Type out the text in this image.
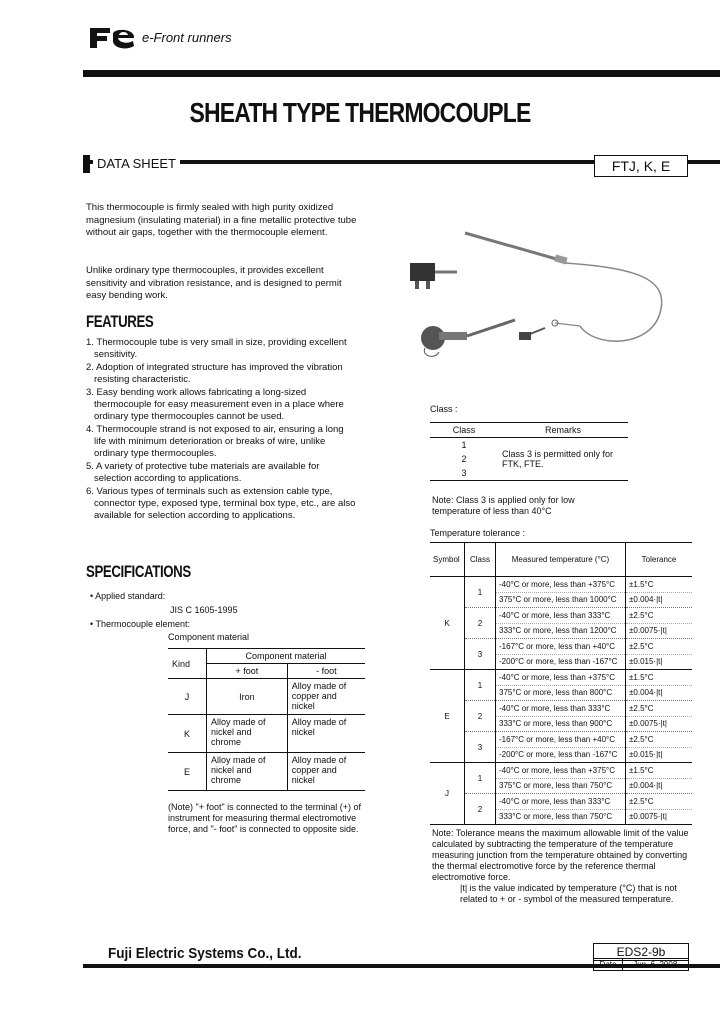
e-Front runners
SHEATH TYPE THERMOCOUPLE
DATA SHEET	FTJ, K, E
This thermocouple is firmly sealed with high purity oxidized magnesium (insulating material) in a fine metallic protective tube without air gaps, together with the thermocouple element.
Unlike ordinary type thermocouples, it provides excellent sensitivity and vibration resistance, and is designed to permit easy bending work.
FEATURES
1. Thermocouple tube is very small in size, providing excellent sensitivity.
2. Adoption of integrated structure has improved the vibration resisting characteristic.
3. Easy bending work allows fabricating a long-sized thermocouple for easy measurement even in a place where ordinary type thermocouples cannot be used.
4. Thermocouple strand is not exposed to air, ensuring a long life with minimum deterioration or breaks of wire, unlike ordinary type thermocouples.
5. A variety of protective tube materials are available for selection according to applications.
6. Various types of terminals such as extension cable type, connector type, exposed type, terminal box type, etc., are also available for selection according to applications.
SPECIFICATIONS
• Applied standard:
JIS C 1605-1995
• Thermocouple element:
Component material
Kind	Component material	
	+ foot	- foot
J	Iron	Alloy made of copper and nickel
K	Alloy made of nickel and chrome	Alloy made of nickel
E	Alloy made of nickel and chrome	Alloy made of copper and nickel
(Note) "+ foot" is connected to the terminal (+) of instrument for measuring thermal electromotive force, and "- foot" is connected to opposite side.
Class :
Class	Remarks
1	Class 3 is permitted only for FTK, FTE.
2	
3	
Note: Class 3 is applied only for low temperature of less than 40°C
Temperature tolerance :
Symbol	Class	Measured temperature (°C)	Tolerance
K	1	-40°C or more, less than +375°C	±1.5°C
		375°C or more, less than 1000°C	±0.004·|t|
	2	-40°C or more, less than 333°C	±2.5°C
		333°C or more, less than 1200°C	±0.0075·|t|
	3	-167°C or more, less than +40°C	±2.5°C
		-200°C or more, less than -167°C	±0.015·|t|
E	1	-40°C or more, less than +375°C	±1.5°C
		375°C or more, less than 800°C	±0.004·|t|
	2	-40°C or more, less than 333°C	±2.5°C
		333°C or more, less than 900°C	±0.0075·|t|
	3	-167°C or more, less than +40°C	±2.5°C
		-200°C or more, less than -167°C	±0.015·|t|
J	1	-40°C or more, less than +375°C	±1.5°C
		375°C or more, less than 750°C	±0.004·|t|
	2	-40°C or more, less than 333°C	±2.5°C
		333°C or more, less than 750°C	±0.0075·|t|
Note: Tolerance means the maximum allowable limit of the value calculated by subtracting the temperature of the temperature measuring junction from the temperature obtained by converting the thermal electromotive force by the reference thermal electromotive force.
|t| is the value indicated by temperature (°C) that is not related to + or - symbol of the measured temperature.
Fuji Electric Systems Co., Ltd.	EDS2-9b
Date Jun. 6, 2008
